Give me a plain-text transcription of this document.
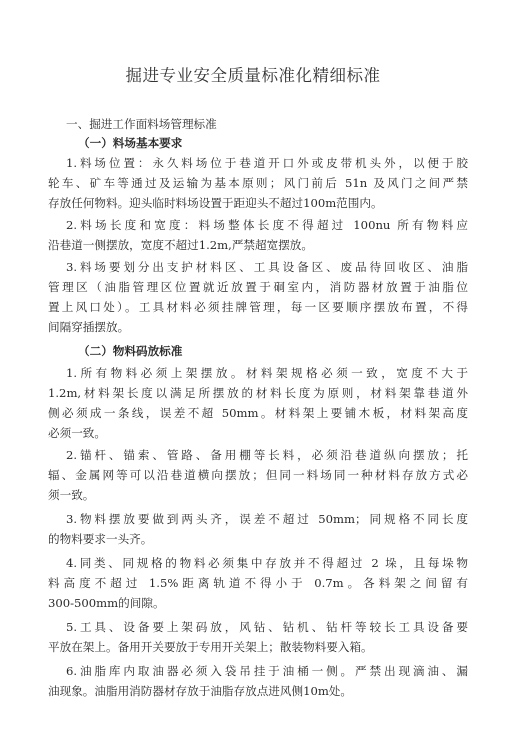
掘进专业安全质量标准化精细标准
一、掘进工作面料场管理标准
（一）料场基本要求
1.料场位置：永久料场位于巷道开口外或皮带机头外，以便于胶
轮车、矿车等通过及运输为基本原则；风门前后 51n 及风门之间严禁
存放任何物料。迎头临时料场设置于距迎头不超过100m范围内。
2.料场长度和宽度：料场整体长度不得超过 100nu 所有物料应
沿巷道一侧摆放，宽度不超过1.2m,严禁超宽摆放。
3.料场要划分出支护材料区、工具设备区、废品待回收区、油脂
管理区（油脂管理区位置就近放置于硐室内，消防器材放置于油脂位
置上风口处）。工具材料必须挂牌管理，每一区要顺序摆放布置，不得
间隔穿插摆放。
（二）物料码放标准
1.所有物料必须上架摆放。材料架规格必须一致，宽度不大于
1.2m,材料架长度以满足所摆放的材料长度为原则，材料架靠巷道外
侧必须成一条线，误差不超 50mm。材料架上要铺木板，材料架高度
必须一致。
2.锚杆、锚索、管路、备用棚等长料，必须沿巷道纵向摆放；托
辐、金属网等可以沿巷道横向摆放；但同一料场同一种材料存放方式必
须一致。
3.物料摆放要做到两头齐，误差不超过 50mm；同规格不同长度
的物料要求一头齐。
4.同类、同规格的物料必须集中存放并不得超过 2 垛，且每垛物
料高度不超过 1.5%距离轨道不得小于 0.7m。各料架之间留有
300-500mm的间隙。
5.工具、设备要上架码放，风钻、钻机、钻杆等较长工具设备要
平放在架上。备用开关要放于专用开关架上；散装物料要入箱。
6.油脂库内取油器必须入袋吊挂于油桶一侧。严禁出现滴油、漏
油现象。油脂用消防器材存放于油脂存放点进风侧10m处。
